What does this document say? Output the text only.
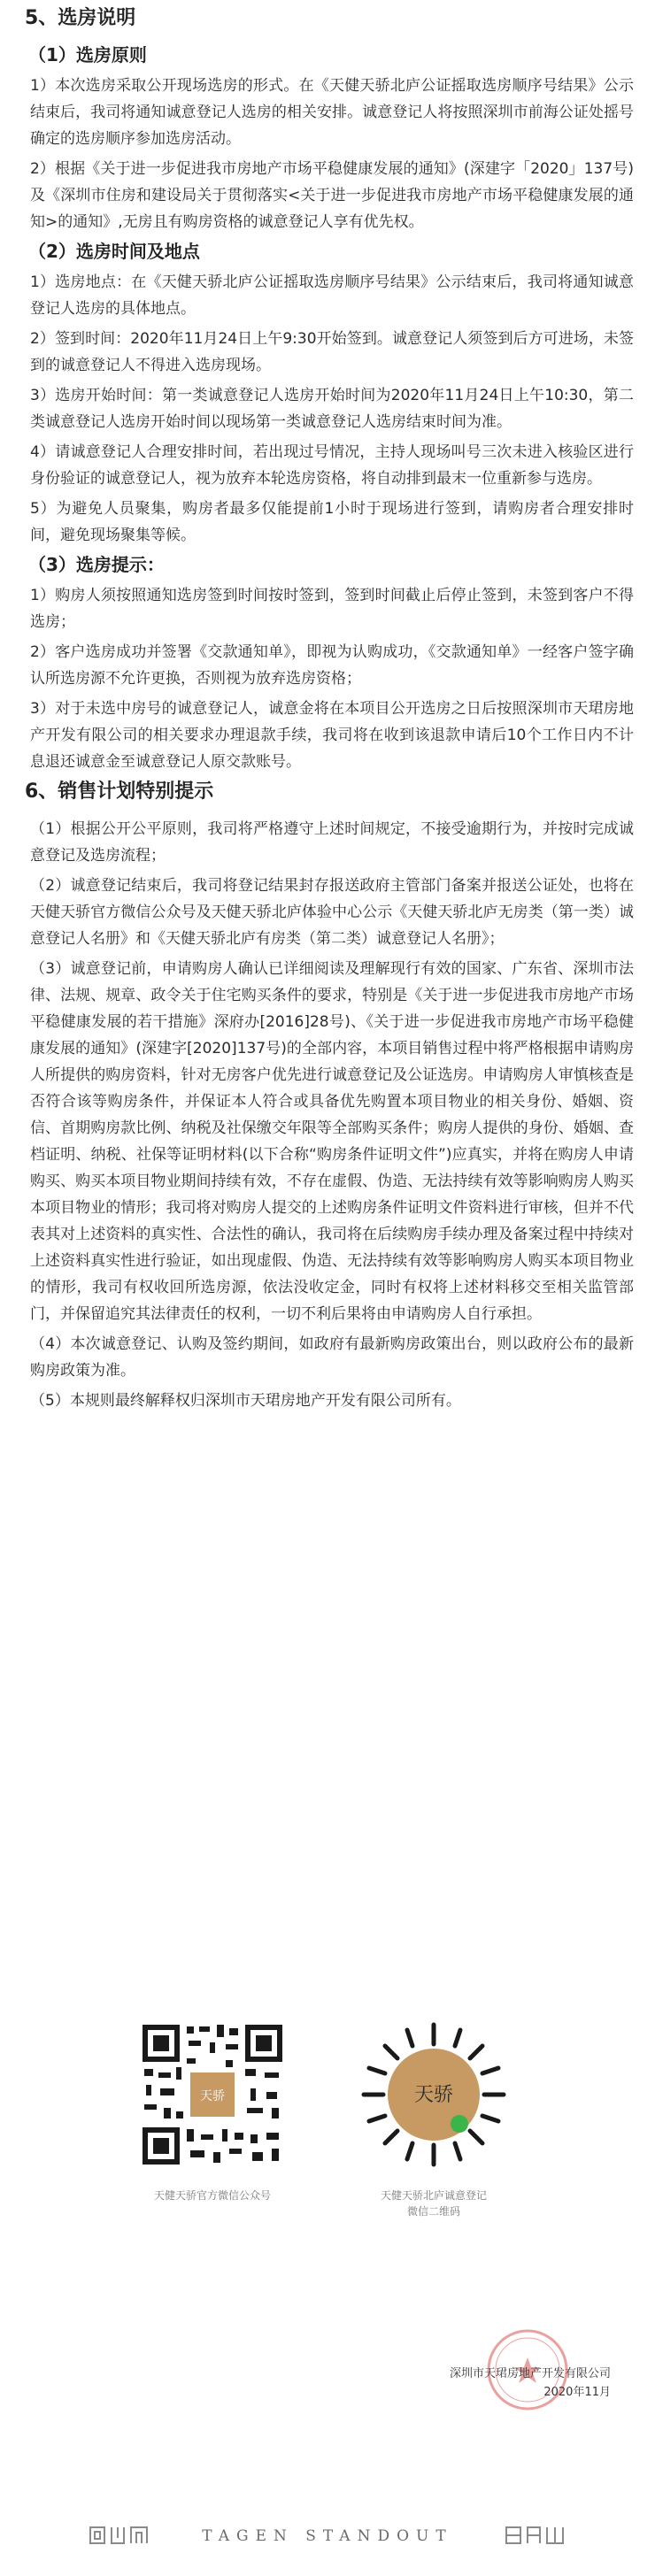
5、选房说明
（1）选房原则
1）本次选房采取公开现场选房的形式。在《天健天骄北庐公证摇取选房顺序号结果》公示结束后，我司将通知诚意登记人选房的相关安排。诚意登记人将按照深圳市前海公证处摇号确定的选房顺序参加选房活动。
2）根据《关于进一步促进我市房地产市场平稳健康发展的通知》(深建字「2020」137号)及《深圳市住房和建设局关于贯彻落实<关于进一步促进我市房地产市场平稳健康发展的通知>的通知》,无房且有购房资格的诚意登记人享有优先权。
（2）选房时间及地点
1）选房地点：在《天健天骄北庐公证摇取选房顺序号结果》公示结束后，我司将通知诚意登记人选房的具体地点。
2）签到时间：2020年11月24日上午9:30开始签到。诚意登记人须签到后方可进场，未签到的诚意登记人不得进入选房现场。
3）选房开始时间：第一类诚意登记人选房开始时间为2020年11月24日上午10:30，第二类诚意登记人选房开始时间以现场第一类诚意登记人选房结束时间为准。
4）请诚意登记人合理安排时间，若出现过号情况，主持人现场叫号三次未进入核验区进行身份验证的诚意登记人，视为放弃本轮选房资格，将自动排到最末一位重新参与选房。
5）为避免人员聚集，购房者最多仅能提前1小时于现场进行签到，请购房者合理安排时间，避免现场聚集等候。
（3）选房提示：
1）购房人须按照通知选房签到时间按时签到，签到时间截止后停止签到，未签到客户不得选房；
2）客户选房成功并签署《交款通知单》，即视为认购成功，《交款通知单》一经客户签字确认所选房源不允许更换，否则视为放弃选房资格；
3）对于未选中房号的诚意登记人，诚意金将在本项目公开选房之日后按照深圳市天珺房地产开发有限公司的相关要求办理退款手续，我司将在收到该退款申请后10个工作日内不计息退还诚意金至诚意登记人原交款账号。
6、销售计划特别提示
（1）根据公开公平原则，我司将严格遵守上述时间规定，不接受逾期行为，并按时完成诚意登记及选房流程；
（2）诚意登记结束后，我司将登记结果封存报送政府主管部门备案并报送公证处，也将在天健天骄官方微信公众号及天健天骄北庐体验中心公示《天健天骄北庐无房类（第一类）诚意登记人名册》和《天健天骄北庐有房类（第二类）诚意登记人名册》；
（3）诚意登记前，申请购房人确认已详细阅读及理解现行有效的国家、广东省、深圳市法律、法规、规章、政令关于住宅购买条件的要求，特别是《关于进一步促进我市房地产市场平稳健康发展的若干措施》深府办[2016]28号)、《关于进一步促进我市房地产市场平稳健康发展的通知》(深建字[2020]137号)的全部内容，本项目销售过程中将严格根据申请购房人所提供的购房资料，针对无房客户优先进行诚意登记及公证选房。申请购房人审慎核查是否符合该等购房条件，并保证本人符合或具备优先购置本项目物业的相关身份、婚姻、资信、首期购房款比例、纳税及社保缴交年限等全部购买条件；购房人提供的身份、婚姻、查档证明、纳税、社保等证明材料(以下合称“购房条件证明文件”)应真实，并将在购房人申请购买、购买本项目物业期间持续有效，不存在虚假、伪造、无法持续有效等影响购房人购买本项目物业的情形；我司将对购房人提交的上述购房条件证明文件资料进行审核，但并不代表其对上述资料的真实性、合法性的确认，我司将在后续购房手续办理及备案过程中持续对上述资料真实性进行验证，如出现虚假、伪造、无法持续有效等影响购房人购买本项目物业的情形，我司有权收回所选房源，依法没收定金，同时有权将上述材料移交至相关监管部门，并保留追究其法律责任的权利，一切不利后果将由申请购房人自行承担。
（4）本次诚意登记、认购及签约期间，如政府有最新购房政策出台，则以政府公布的最新购房政策为准。
（5）本规则最终解释权归深圳市天珺房地产开发有限公司所有。
天骄
天健天骄官方微信公众号
天骄
天健天骄北庐诚意登记
微信二维码
深圳市天珺房地产开发有限公司
2020年11月
TAGEN STANDOUT
